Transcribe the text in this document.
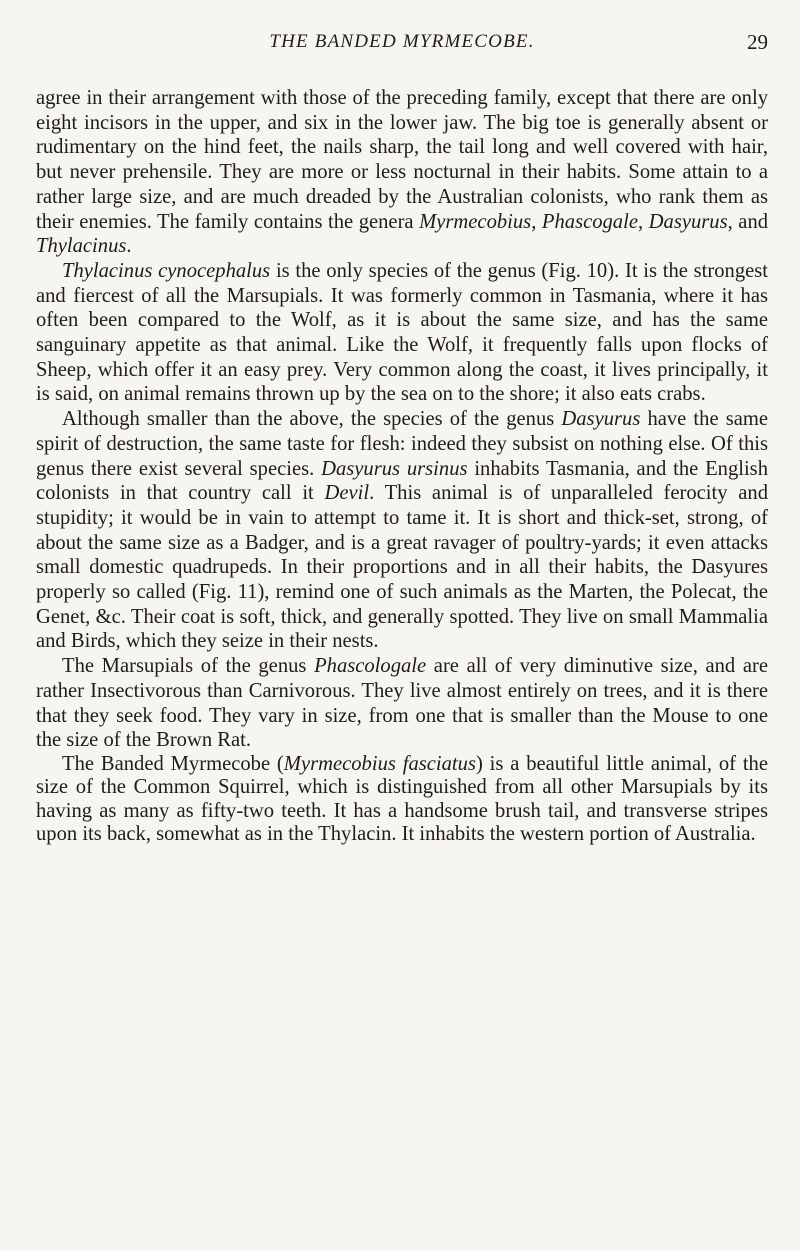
THE BANDED MYRMECOBE.	29

agree in their arrangement with those of the preceding family, except that there are only eight incisors in the upper, and six in the lower jaw. The big toe is generally absent or rudimentary on the hind feet, the nails sharp, the tail long and well covered with hair, but never prehensile. They are more or less nocturnal in their habits. Some attain to a rather large size, and are much dreaded by the Australian colonists, who rank them as their enemies. The family contains the genera Myrmecobius, Phascogale, Dasyurus, and Thylacinus.

Thylacinus cynocephalus is the only species of the genus (Fig. 10). It is the strongest and fiercest of all the Marsupials. It was formerly common in Tasmania, where it has often been compared to the Wolf, as it is about the same size, and has the same sanguinary appetite as that animal. Like the Wolf, it frequently falls upon flocks of Sheep, which offer it an easy prey. Very common along the coast, it lives principally, it is said, on animal remains thrown up by the sea on to the shore; it also eats crabs.

Although smaller than the above, the species of the genus Dasyurus have the same spirit of destruction, the same taste for flesh: indeed they subsist on nothing else. Of this genus there exist several species. Dasyurus ursinus inhabits Tasmania, and the English colonists in that country call it Devil. This animal is of unparalleled ferocity and stupidity; it would be in vain to attempt to tame it. It is short and thick-set, strong, of about the same size as a Badger, and is a great ravager of poultry-yards; it even attacks small domestic quadrupeds. In their proportions and in all their habits, the Dasyures properly so called (Fig. 11), remind one of such animals as the Marten, the Polecat, the Genet, &c. Their coat is soft, thick, and generally spotted. They live on small Mammalia and Birds, which they seize in their nests.

The Marsupials of the genus Phascologale are all of very diminutive size, and are rather Insectivorous than Carnivorous. They live almost entirely on trees, and it is there that they seek food. They vary in size, from one that is smaller than the Mouse to one the size of the Brown Rat.

The Banded Myrmecobe (Myrmecobius fasciatus) is a beautiful little animal, of the size of the Common Squirrel, which is distinguished from all other Marsupials by its having as many as fifty-two teeth. It has a handsome brush tail, and transverse stripes upon its back, somewhat as in the Thylacin. It inhabits the western portion of Australia.
